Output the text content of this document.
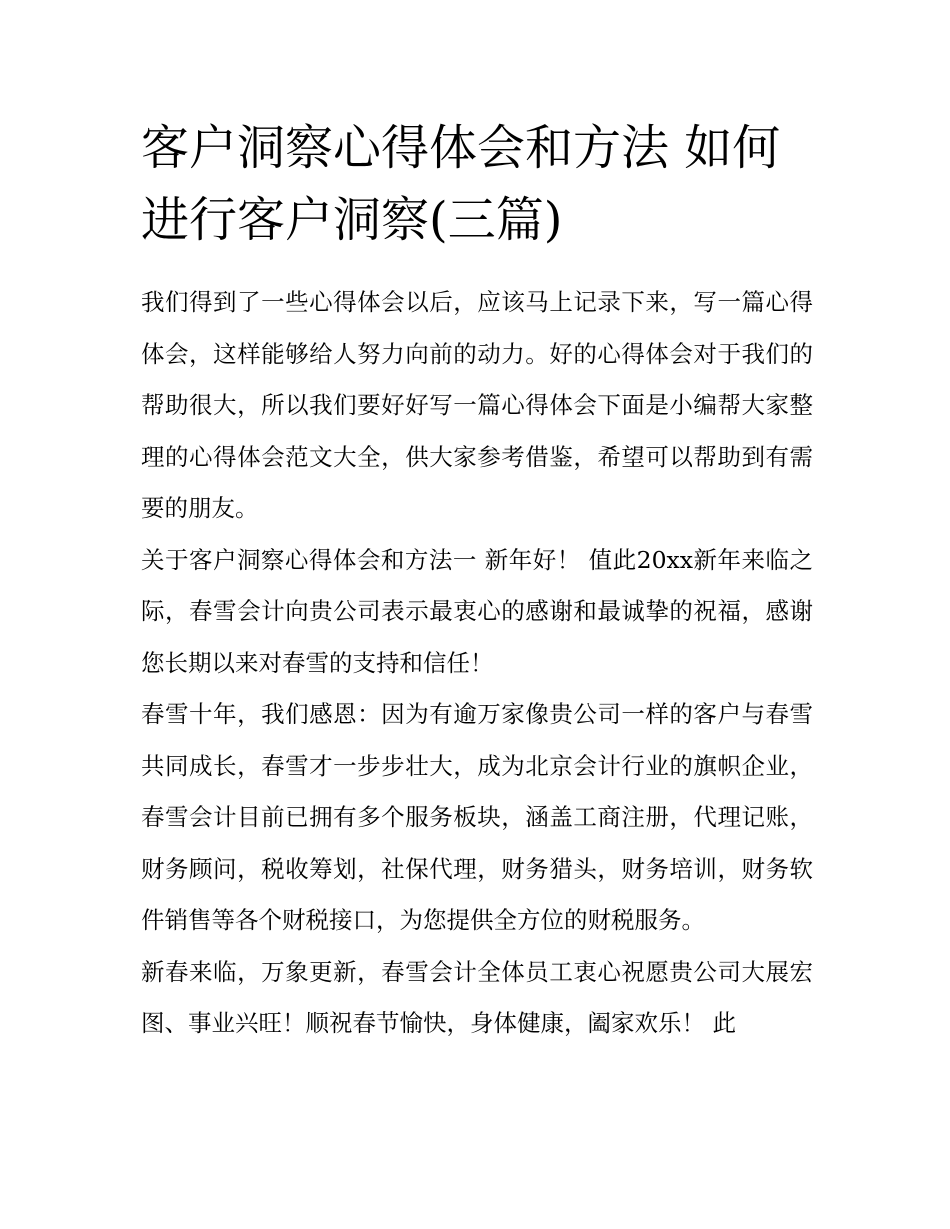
客户洞察心得体会和方法 如何进行客户洞察(三篇)

我们得到了一些心得体会以后，应该马上记录下来，写一篇心得体会，这样能够给人努力向前的动力。好的心得体会对于我们的帮助很大，所以我们要好好写一篇心得体会下面是小编帮大家整理的心得体会范文大全，供大家参考借鉴，希望可以帮助到有需要的朋友。

关于客户洞察心得体会和方法一 新年好！ 值此20xx新年来临之际，春雪会计向贵公司表示最衷心的感谢和最诚挚的祝福，感谢您长期以来对春雪的支持和信任！

春雪十年，我们感恩：因为有逾万家像贵公司一样的客户与春雪共同成长，春雪才一步步壮大，成为北京会计行业的旗帜企业，春雪会计目前已拥有多个服务板块，涵盖工商注册，代理记账，财务顾问，税收筹划，社保代理，财务猎头，财务培训，财务软件销售等各个财税接口，为您提供全方位的财税服务。

新春来临，万象更新，春雪会计全体员工衷心祝愿贵公司大展宏图、事业兴旺！顺祝春节愉快，身体健康，阖家欢乐！ 此
